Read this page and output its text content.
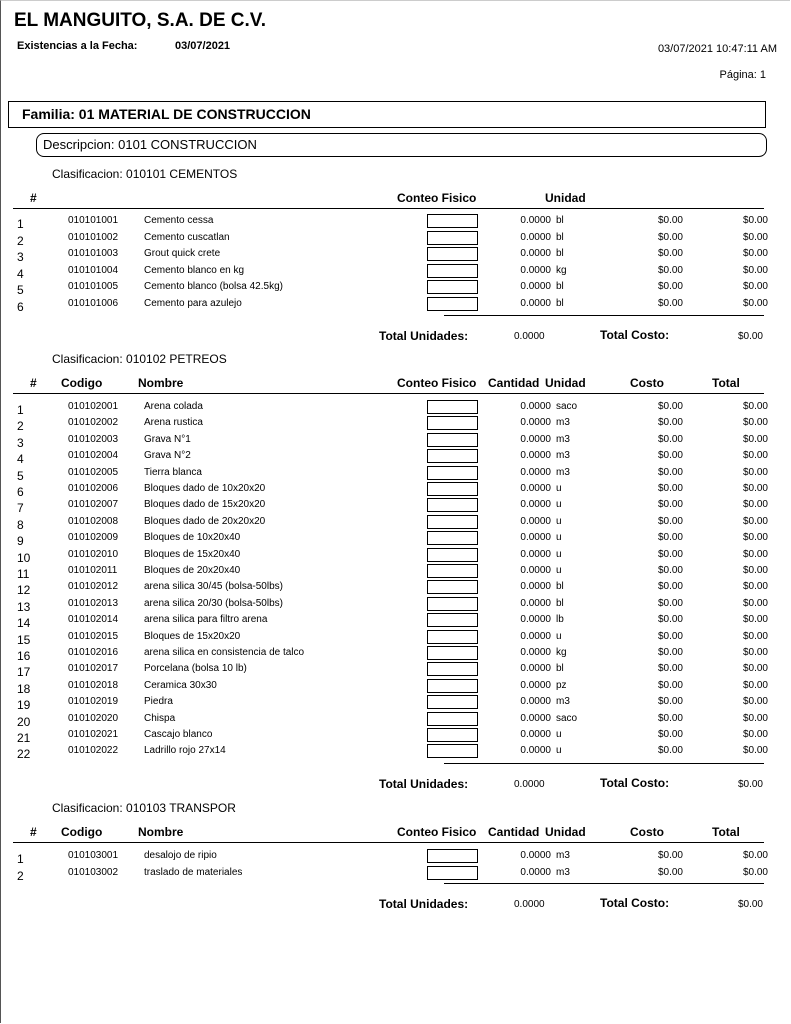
EL MANGUITO, S.A. DE C.V.
Existencias a la Fecha:	03/07/2021	03/07/2021 10:47:11 AM
Página: 1
Familia: 01 MATERIAL DE CONSTRUCCION
Descripcion: 0101 CONSTRUCCION
Clasificacion: 010101 CEMENTOS
#	Conteo Fisico	Unidad
1	010101001	Cemento cessa	0.0000 bl	$0.00	$0.00
2	010101002	Cemento cuscatlan	0.0000 bl	$0.00	$0.00
3	010101003	Grout quick crete	0.0000 bl	$0.00	$0.00
4	010101004	Cemento blanco en kg	0.0000 kg	$0.00	$0.00
5	010101005	Cemento blanco (bolsa 42.5kg)	0.0000 bl	$0.00	$0.00
6	010101006	Cemento para azulejo	0.0000 bl	$0.00	$0.00
Total Unidades:	0.0000	Total Costo:	$0.00
Clasificacion: 010102 PETREOS
# Codigo	Nombre	Conteo Fisico Cantidad Unidad	Costo	Total
1	010102001	Arena colada	0.0000 saco	$0.00	$0.00
2	010102002	Arena rustica	0.0000 m3	$0.00	$0.00
3	010102003	Grava N°1	0.0000 m3	$0.00	$0.00
4	010102004	Grava N°2	0.0000 m3	$0.00	$0.00
5	010102005	Tierra blanca	0.0000 m3	$0.00	$0.00
6	010102006	Bloques dado de 10x20x20	0.0000 u	$0.00	$0.00
7	010102007	Bloques dado de 15x20x20	0.0000 u	$0.00	$0.00
8	010102008	Bloques dado de 20x20x20	0.0000 u	$0.00	$0.00
9	010102009	Bloques de 10x20x40	0.0000 u	$0.00	$0.00
10	010102010	Bloques de 15x20x40	0.0000 u	$0.00	$0.00
11	010102011	Bloques de 20x20x40	0.0000 u	$0.00	$0.00
12	010102012	arena silica 30/45 (bolsa-50lbs)	0.0000 bl	$0.00	$0.00
13	010102013	arena silica 20/30 (bolsa-50lbs)	0.0000 bl	$0.00	$0.00
14	010102014	arena silica para filtro arena	0.0000 lb	$0.00	$0.00
15	010102015	Bloques de 15x20x20	0.0000 u	$0.00	$0.00
16	010102016	arena silica en consistencia de talco	0.0000 kg	$0.00	$0.00
17	010102017	Porcelana (bolsa 10 lb)	0.0000 bl	$0.00	$0.00
18	010102018	Ceramica 30x30	0.0000 pz	$0.00	$0.00
19	010102019	Piedra	0.0000 m3	$0.00	$0.00
20	010102020	Chispa	0.0000 saco	$0.00	$0.00
21	010102021	Cascajo blanco	0.0000 u	$0.00	$0.00
22	010102022	Ladrillo rojo 27x14	0.0000 u	$0.00	$0.00
Total Unidades:	0.0000	Total Costo:	$0.00
Clasificacion: 010103 TRANSPOR
# Codigo	Nombre	Conteo Fisico Cantidad Unidad	Costo	Total
1	010103001	desalojo de ripio	0.0000 m3	$0.00	$0.00
2	010103002	traslado de materiales	0.0000 m3	$0.00	$0.00
Total Unidades:	0.0000	Total Costo:	$0.00
